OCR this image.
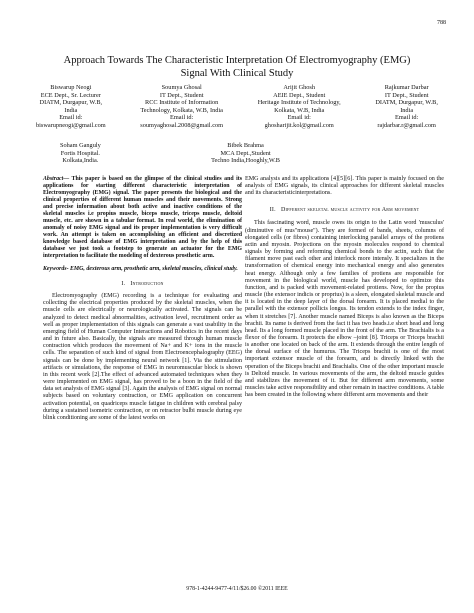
788
Approach Towards The Characteristic Interpretation Of Electromyography (EMG)
Signal With Clinical Study
Biswarup Neogi
ECE Dept., Sr. Lecturer
DIATM, Durgapur, W.B,
India
Email id:
biswarupneogi@gmail.com
Soumya Ghosal
IT Dept., Student
RCC Institute of Information
Technology, Kolkata, W.B, India
Email id:
soumyaghosal.2008@gmail.com
Arijit Ghosh
AEIE Dept., Student
Heritage Institute of Technology,
Kolkata, W.B, India
Email id:
ghosharijit.kol@gmail.com
Rajkumar Darbar
IT Dept., Student
DIATM, Durgapur, W.B,
India
Email id:
rajdarbar.r@gmail.com
Soham Ganguly
Fortis Hospital.
Kolkata,India.
Bibek Brahma
MCA Dept.,Student
Techno India,Hooghly,W.B

Abstract— This paper is based on the glimpse of the clinical studies and its applications for starting different characteristic interpretation of Electromyography (EMG) signal. The paper presents the biological and the clinical properties of different human muscles and their movements. Strong and precise information about both active and inactive conditions of the skeletal muscles i.e propius muscle, biceps muscle, triceps muscle, deltoid muscle, etc. are shown in a tabular format. In real world, the elimination of anomaly of noisy EMG signal and its proper implementation is very difficult work. An attempt is taken on accomplishing an efficient and discretized knowledge based database of EMG interpretation and by the help of this database we just took a footstep to generate an actuator for the EMG interpretation to facilitate the modeling of dexterous prosthetic arm.

Keywords- EMG, dexterous arm, prosthetic arm, skeletal muscles, clinical study.

I. Introduction

Electromyography (EMG) recording is a technique for evaluating and collecting the electrical properties produced by the skeletal muscles, when the muscle cells are electrically or neurologically activated. The signals can be analyzed to detect medical abnormalities, activation level, recruitment order as well as proper implementation of this signals can generate a vast usability in the emerging field of Human Computer Interactions and Robotics in the recent days and in future also. Basically, the signals are measured through human muscle contraction which produces the movement of Na+ and K+ ions in the muscle cells. The separation of such kind of signal from Electroencephalography (EEG) signals can be done by implementing neural network [1]. Via the stimulation artifacts or simulations, the response of EMG in neuromuscular block is shown in this recent work [2].The effect of advanced automated techniques when they were implemented on EMG signal, has proved to be a boon in the field of the data set analysis of EMG signal [3]. Again the analysis of EMG signal on normal subjects based on voluntary contraction, or EMG application on concurrent activation potential, on quadriceps muscle fatigue in children with cerebral palsy during a sustained isometric contraction, or on retractor bulbi muscle during eye blink conditioning are some of the latest works on

EMG analysis and its applications [4][5][6]. This paper is mainly focused on the analysis of EMG signals, its clinical approaches for different skeletal muscles and its characteristicinterpretations.

II. Different skeletal muscle activity for Arm movement

This fascinating word, muscle owes its origin to the Latin word 'musculus' (diminutive of mus"mouse"). They are formed of bands, sheets, columns of elongated cells (or fibres) containing interlocking parallel arrays of the protiens actin and myosin. Projections on the myosin molecules respond to chemical signals by forming and reforming chemical bonds to the actin, such that the filament move past each other and interlock more intensly. It specializes in the transformation of chemical energy into mechanical energy and also generates heat energy. Although only a few families of protiens are responsible for movement in the biological world, muscle has developed to optimize this function, and is packed with movement-related protiens. Now, for the propius muscle (the extensor indicis or proprius) is a sleen, elongated skeletal muscle and it is located in the deep layer of the dorsal forearm. It is placed medial to the parallel with the extensor pollicis longus. Its tendon extends to the index finger, when it stretches [7]. Another muscle named Biceps is also known as the Biceps brachii. Its name is derived from the fact it has two heads.i.e short head and long head. Its a long formed muscle placed in the front of the arm. The Brachialis is a flexor of the forearm. It protects the elbow –joint [8]. Triceps or Triceps brachii is another one located on back of the arm. It extends through the entire length of the dorsal surface of the humurus. The Triceps brachii is one of the most important extensor muscle of the forearm, and is directly linked with the operation of the Biceps brachii and Brachialis. One of the other important muscle is Deltoid muscle. In various movements of the arm, the deltoid muscle guides and stabilizes the movement of it. But for different arm movements, some muscles take active responsibility and other remain in inactive conditions. A table has been created in the following where different arm movements and their

978-1-4244-9477-4/11/$26.00 ©2011 IEEE
